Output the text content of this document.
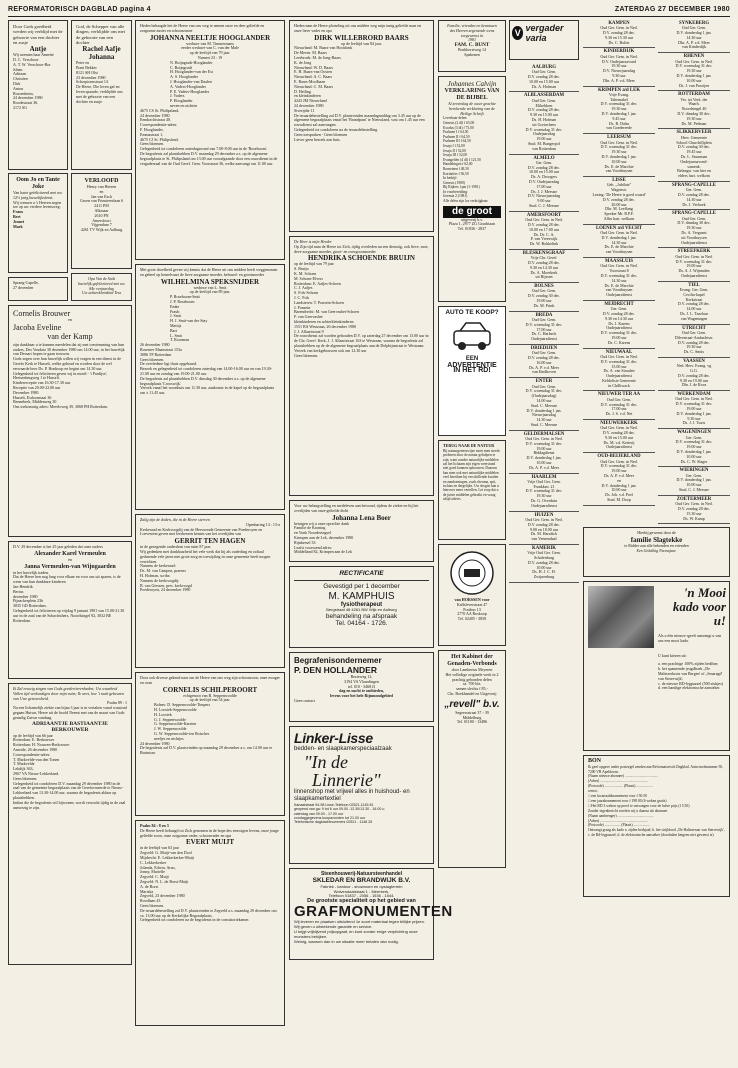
REFORMATORISCH DAGBLAD pagina 4	ZATERDAG 27 DECEMBER 1980
Door Gods goedheid werden wij verblijd met de geboorte van een dochter en zusje
Antje
Wij noemen haar Annette
D. C. Verschoor
A. T. W. Verschoor-Bor
Johan
Adriaan
Christien
Dirk
Anton
Rossenheim,
24 december 1980
Roodestraat 36,
2172 SG
God, de Schepper van alle dingen, verblijdde ons met de geboorte van een dochter
Rachel Aafje Johanna
Peter en
Piani Bekker
8121 SH Olst
23 december 1980
Schorpioenstraat 14
De Heere, Die leven gaf en leven spaarde, verblijdde ons met de geboorte van een dochter en zusje
Oom Jo en Tante Joke
Van harte gefeliciteerd met uw 12½ jarig huwelijksfeest.
Wij wensen u 's Heeren zegen toe op uw verdere levensweg.
Frans
Bert
Jeanet
Mark
Sprang-Capelle,
27 december
VERLOOFD
Henry van Heeren
en
Jan van Esch
Groen van Prinstererlaan 6
2411 PM
Alkmaar
2610 PN
Amersfoort
Vijgendam 7
4261 TV Wijk en Aalburg
Opa Van de Stalt
hartelijk gefeliciteerd met uw 84e verjaardag
Uw achterkleinkind Tess
Cornelis Brouwer
en
Jacoba Eveline
van der Kamp
zijn dankbaar u te kunnen meedelen dat zij met toestemming van hun ouders, Des Voudaia 30 december 1980 om 14.00 uur, in het huwelijk van Dessart hopen te gaan trouwen.
Gods zegen over hun huwelijk willen wij vragen in een dienst in de Gerefo Kerk te Hasselt, welke gehoud en worden door de wel eerwaarde heer Ds. P. Honkoop en begint om 14.30 uur.
Gelegenheid tot feliciteren geven wij in motel - 't Pardijse', Hertsenbergweg 1 te Hasselt.
Kinderreceptie van 16.30-17.30 uur
Receptie van 20.00-22.00 uur
December 1980.
Hasselt, Esdoornsaat 36
Bennebrek, Middenweg 30
Ons toekomstig adres: Meerloweg 39, 3068 PH Rotterdam.
D.V. 29 december is het 25 jaar geleden dat onze ouders
Alexander Karel Vermeulen
en
Janna Vermeulen-van Wijngaarden
in het huwelijk traden.
Dat de Heere hen nog lang voor elkaar en voor ons uit sparen, is de wens van hun dankbare kinderen
Jan-Hendrik
Bertus
december 1980
Pijnackerplein 23b
3035 GD Rotterdam.
Gelegenheid tot feliciteren op vrijdag 9 januari 1981 van 15.00-21.30 uur in de zaal van de Sobachsthers, Noordsingel 92, 3032 BE Rotterdam.
Ik Zal eeuwig zingen van Gods goedertierenheden; Uw waarheid Vallen tijd verkondigen door mijn ruim; Ik weet, hoe 't raak gebeuren van Uwe getrouwheid.
Psalm 89 : 1
Na een lichamelijk ziekte van bijna 3 jaar is in vertaken vanaf wantoud gegaan Huiwn, Heere uit de hoofd Neemt met ons de maart van Gods genadig Zuiwn vandaag
ADRIAANTJE BASTIAANTJE BERKOUWER
op de leeftijd van 66 jaar
Rotterdam: E. Berkouwer
Rotterdam: H. Nouwen-Berkouwer
Ameide, 26 december 1980
Correspondentie-adres:
T. Markvelde-van den Tonen
T. Markvelde
Lekdijk 363,
2967 VA Nieuw-Lekkerland.
Geen bloemen.
Gelegenheid tot condoleren D.V. maandag 29 december 1980 in de zaal van de gemeente begraafplaats van de Gereformeerde te Nieuw-Lekkerland van 13.30-14.00 uur, waarna de begrafenis aldaar op plaatshebben.
Indien die de begrafenis wil bijwonen, wordt verzocht tijdig in de zaal aanwezig te zijn.
Heden behaagde het de Heere van ons weg te nemen onze en deer geliefde en zorgzame zuster en schoonzuster
JOHANNA NEELTJE HOOGLANDER
weduwe van M. Timmermans
eerder weduwe van C. van der Male
op de leeftijd van 79 jaar.
Numeri 23 : 19
N. Boijngrudt-Hooglander
C. Boijngrudt
H. Hooglander-van der Est
A. S. Hooglander
J. Hooglander-van Daalen
A. Vaders-Hooglander
P. E. Vaders-Hooglander
J. Vaders
P. Hooglander
neven en nichten
4675 CS St. Philipsland,
24 december 1980
Eendrachtstraat 40.
Correspondentie-adres:
F. Hooglander,
Emmastraat 1,
4675 CJ St. Philipsland.
Geen bloemen.
Gelegenheid tot condoleren zaterdagavond van 7.00-8.00 uur in de 'Roseboom'.
De begrafenis zal plaatshebben D.V. maandag 29 december a.s. op de algemene begraafplaats te St. Philipsland om 13.00 uur voorafgaande door een rouwdienst in de vergaderzaal van de Oud Geref. Gem. Voorstraat 36, welke aanvangt om 11.00 uur.
Met grote droefheid geven wij kennis dat de Heere uit ons midden heeft weggenomen en geheel op hemelvaart de lieve zorgzame moeder, behuwd- en grootmoeder
WILHELMINA SPEKSNIJDER
weduwe van L. Smit
op de leeftijd van 89 jaar.
P. Roseboom-Smit
J. P. Roseboom
Emke
Fraub
J. Smit
H. J. Smit-van der Stay
Mattijs
Bart
L. Smit
T. Roorman
26 december 1980
Rosemer Maanstraat 153a
3086 TP Rotterdam
Geen bloemen.
De overledene ligt thuis opgebaard.
Bezoek en gelegenheid tot condoleren zaterdag van 14.00-16.00 uur en van 19.30-21.00 uur en zondag van 19.00-21.00 uur.
De begrafenis zal plaatshebben D.V. dinsdag 30 december a.s. op de algemene begraafplaats 'Crooswijk'.
Vertrek vanaf het woonhuis om 11.30 uur, aankomst in de kapel op de begraafplaats om ± 11.45 uur.
Zalig zijn de doden, die in de Heere sterven
Openbaring 14 : 13-a
Kerkeraad en Kerkvoogdij van de Hervormde Gemeente van Poederoyen en Loevestein geven met leedwezen kennis van het overlijden van
GERRIT TEN HAGEN
in de gezegende ouderdom van ruim 87 jaar.
Wij gedenken met dankbaarheid het vele werk dat hij als ouderling en ooliaal gedurende vele jaren met grote zorg en toewijding in onze gemeente heeft mogen verrichten.
Namens de kerkeraad:
Ds. M. van Campen, praeses
H. Hofman, scriba
Namens de kerkvoogdij:
B. van Giessen, pres. kerkvoogd
Poederoyen, 24 december 1980
Door ook diverse gekend naar om de Heere van ons weg zijn schoonzoon, onze zwager en oom
CORNELIS SCHILPEROORT
echtgenoot van B. Seppenwoolde
op de leeftijd van 54 jaar.
Bolnes: D. Seppenwoolde-Timpers
H. Loosiek-Seppenwoolde
H. Loosiek
G. J. Seppenwoolde
G. Seppenwoolde-Karsten
J. W. Seppenwoolde
G. W. Seppenwoolde-ten Boischer
neefjes en nichtjes
24 december 1980
De begrafenis zal D.V. plaatsvinden op maandag 29 december a.s. om 14.00 uur te Bruinisse.
Psalm 84 : 8 en 3
De Heere heeft behaagd tot Zich genomen in de hope des eeuwigen levens, onze jonge geliefde zoon, onze zorgzame vader, schoonvader en opa
EVERT MUIJT
in de leeftijd van 63 jaar
Zegveld: G. Muijt-van den Dool
Mijdrecht: E. Lekkerkerker-Muijt
C. Lekkerkerker
Jolanda, Edwin, Arno,
Jonny, Marielle
Zegveld: C. Muijt
Zegveld: N. L. de Borst-Muijt
A. de Borst
Mariska
Zegveld, 23 december 1980
Roodlaan 43
Geen bloemen.
De teraardebestelling zal D.V. plaatsvinden te Zegveld a.s. maandag 29 december om ca. 13.00 uur op de Kerkelijke Begraafplaats.
Gelegenheid tot condoleren na de begrafenis in de consistoriekamer.
Heden nam de Heere plotseling uit ons midden weg mijn innig geliefde man en onze lieve vader en opa
DIRK WILLEBRORD BAARS
op de leeftijd van 84 jaar.
Nieuwland: M. Baars-van Hooidonk
De Meern: M. Baars
Leerbroek: M. de Jong-Baars
K. de Jong
Nieuwland: W. D. Baars
E. H. Baars-van Oosten
Nieuwland: A. C. Baars
E. Baars-Moolhaan
Nieuwland: C. M. Baars
D. Heiling
en kleinkinderen
4243 JM Nieuwland
24 december 1980
Siverijdie 11
De teraardebestelling zal D.V. plaatsvinden maandagmiddag om 3.45 uur op de algemene begraafplaats vanaf het 'Brandpunt' te Nieuwland, vast om 1.45 uur een rouwdienst zal aanvangen.
Gelegenheid tot condoleren na de teraardebestelling.
Geen toespraken - Geen bloemen
Liever geen bezoek aan huis.
De Heer is mijn Herder
Op Zijn tijd nam de Heere tot Zich, tijdig overleden na een dienstig, ook lieve, moe, deve zorgzame moeder, groot- en overgrootmoeder
HENDRIKA SCHOENDE BRUIJN
op de leeftijd van 79 jaar
S. Bruijn
K. M. Schoen
M. Schoen-Elvers
Rotterdam: E. Aafjes-Schoen
C. J. Aafjes
S. Fols-Schoen
J. C. Fols
Landsteren: T. Ponsein-Schoen
J. Ponsein
Barendrecht: M. van Geervashet-Schoen
F. van Geervashet
kleinkinderen en achterkleinkinderen
1551 BA Westzaan, 26 december 1980
J. J. Allaartstraat 9
De rouwdienst zal worden gehouden D.V. op zaterdag 27 december om 13.00 uur in de Chr. Geref. Kerk, J. J. Allaartstraat 163 te Westzaan, waarna de begrafenis zal plaatshebben op de de algemene begraafplaats aan de Dolphijnstraat te Westzaan.
Vertrek van kerkgebouwen ook om 12.30 uur
Geen bloemen.
Voor uw belangstelling en medeleven aan betoond, tijdens de ziekte en bij het overlijden van onze geliefde dicht
Johanna Lena Boer
betuigen wij u onze oprechte dank
Familie de Kroning
en Vonk Noorderingsel
Krimpen aan de Lek, december 1980
Rijnkersel 33
Leafst voorsoend adres:
Middelland 82, Krimpen aan de Lek
RECTIFICATIE
Gevestigd per 1 december
M. KAMPHUIS
fysiotherapeut
Bergstraat 48 4261 BW Wijk en Aalburg
behandeling na afspraak
Tel. 04164 - 1726.
Begrafenisondernemer
P. DEN HOLLANDER
Bezieweg 12,
3194 VA Vlaardingen
tel. 010 - 346813
dag en nacht te ontbieden,
levens voor het hele Rijnmondgebied
Geen contact
Linker-Lisse
bedden- en slaapkamerspeciaalzaak
"In de
Linnerie"
linnenshop met vrijwel alles in huishoud- en slaapkamertextiel
Kanaalstraat 94-98 Lisse-Telefoon 02521-1145 81
geopend van ga: 9 tot 6 uur 09.00 -12.30/13.30 - 18.00 u
zaterdag van 09.00 - 17.00 uur
zondaggegevens koopavonden tot 21.00 uur
Telefonische dagklachtnummers 02521 - 1148 25
Steenhouwerij-Natuursteenhandel
SKLEDAR EN BRANDWIJK B.V.
Fabriek - kantoor - showroom en opslagterrein
Wolvendaalstraat 1 - Meerkerk.
Telefoon 01837 - 2056 - 1536 - 1544.
De grootste specialiteit op het gebied van
GRAFMONUMENTEN
Wij leveren en plaatsen uitsluitend 1e soort materiaal tegen billijke prijzen.
Wij geven u uitstekende garantie en service.
U krijgt vrijblijvend prijsopgaaf, en kunt zonder enige verplichting onze monsters bekijken.
Weinig, waarom dan in uw situatie meer betalen dan nodig.
Familie, vrienden en kennissen
des Heeren zegenende wens
toegewenst in
1981
FAM. C. BUNT
Boekborstweg 14
Spakenen
Johannes Calvijn
VERKLARING VAN DE BIJBEL
Al zevenslag de ouwe geachte berokende verklaring van de Heilige Schrift
Leverbaar delen:
Genesis (2 dl) f 65,00
Exodus (3 dl) f 75,00
Psalmen I f 64,50
Psalmen II f 64,50
Psalmen III f 64,50
Jesaja I f 52,00
Jesaja II f 52,00
Jesaja III f 52,00
Evangeliën (4 dl) f 121,50
Handelingen f 62,00
Romeinen f 48,50
Korintiërs f 56,50
In bedrijf:
Genesis (1980)
Bij Rijkers f pm (1-1981)
In voorbereiding:
Jeremia 2 (1981)
Alle delen zijn los verkrijgbaar
de groot
uitgeverij b.v.
Plaza 1, 2977 ZG Goudriaan
Tel. 01836 - 2837
AUTO TE KOOP?
EEN
ADVERTENTIE
IN HET RD!
TERUG NAAR DE NATUUR
Bij natuurgeneeswijze moet men steeds proberen door de natuur geholpen te zijn, want zonder natuurlijke middelen zal het lichaam zijn eigen weerstand niet goed kunnen opbouwen. Daarom kan men ook met natuurlijke middelen veel bereiken bij verschillende kwalen en aandoeningen, zoals rheuma, spit, ischias en dergelijke. Uw drogist kan u hierover meer vertellen. Let erop dat u de juiste middelen gebruikt en vraag altijd advies.
van HORSSEN voor
Kalfsleverstraat 47
Postbus 13
2770 AA Boskoop
Tel. 02405 - 3858
Het Kabinet der Genaden-Verbonds
door Lambertus Meyeren
Het volledige originele werk in 2 prachtig gebonden delen
ca. 700 blz.
samen slechts f 85,-
Chr. Boekhandel en Uitgeverij
„revell" b.v.
Segeersstraat 37 - 39
Middelburg
Tel. 01180 - 13486
V vergader varia
AALBURG
Oud Ger. Gem.
D.V. zondag 28 dec.
10.00 en 15.00 uur
Ds. A. Hofman
ALBLASSERDAM
Oud Ger. Gem.
Eltheldorn
D.V. zondag 28 dec.
9.30 en 15.00 uur
Ds. H. Hofman
uit Gorinchem
D.V. woensdag 31 dec.
Oudejaarsdag
19.00 uur
Stud. M. Bungerpof
van Rotterdam
ALMELO
Ger. Gem.
D.V. zondag 28 dec.
10.00 en 15.00 uur
Ds. A. Droogers
D.V. Oudejaarsdag
17.00 uur
Ds. J. J. Meeuse
D.V. Nieuwjaarsdag
9.00 uur
Stud. C. J. Meeuse
AMERSFOORT
Oud Ger. Gem. in Ned.
D.V. zondag 28 dec.
10.00 en 17.00 uur
Ds. Dr. C. A.
P. van Vreeswijk
Ds. W. Bokkelink
BLESKENSGRAAF
Vrije Chr. Geref.
D.V. zondag 28 dec.
9.30 en 14.30 uur
Ds. A. Moerkerk
uit Rijssen
BOLNES
Oud Ger. Gem.
D.V. zondag 30 dec.
19.00 uur
Ds. M. Prink
BREDA
Oud Ger. Gem.
D.V. woensdag 31 dec.
17.00 uur
Ds. C. Harbeck
Oudejaarsdienst
DRIEDIJEN
Oud Ger. Gem.
D.V. zondag 28 dec.
16.00 uur
Ds. A. P. v.d. Meer
van Eindhoven
ENTER
Oud Ger. Gem.
D.V. woensdag 31 dec.
(Oudejaarsdag)
14.00 uur
Stud. C. Meeuse
D.V. donderdag 1 jan.
Nieuwjaarsdag
14.30 uur
Stud. C. Meeuse
GELDERMALSEN
Oud Ger. Gem. in Ned.
D.V. woensdag 31 dec.
19.00 uur
Biddagdienst
D.V. donderdag 1 jan.
10.00 uur
Ds. A. P. v.d. Meer
HAARLEM
Vrije Oud Ger. Gem.
Frankkstr. 21
D.V. woensdag 31 dec.
19.30 uur
Ds. G. Overduin
Oudejaarsdienst
HUIZEN
Oud Ger. Gem. in Ned.
D.V. zondag 28 dec.
9.00 en 18.00 uur
Ds. M. Harsdick
van Veenendaal
KAMERIK
Vrije Oud Ger. Gem.
Schalenburg
D.V. zondag 28 dec.
10.00 uur
Ds. H. J. C. H.
Zwijnenburg
KAMPEN
Oud Ger. Gem. in Ned.
D.V. zondag 28 dec.
9.30 en 15.30 uur
Ds. C. Bolier
KINDERDIJK
Oud Ger. Gem. in Ned.
D.V. Oudejaarsavond
19.30 uur
D.V. Nieuwjaarsdag
9.30 uur
Dhr. A. P. v.d. Meer
KRIMPEN a/d LEK
Vrije Evang.
Tabernakel
D.V. woensdag 31 dec.
19.30 uur
D.V. donderdag 1 jan.
9.45 uur
Ds. B. Dalm
van Goedereede
LEERSUM
Oud Ger. Gem. in Ned.
D.V. woensdag 31 dec.
19.30 uur
D.V. donderdag 1 jan.
10.00 uur
Ds. E. de Marchie
van Voorthuysen
LISSE
Geb. „Jubilate"
Wagenstr.
Lezing: 'De Heere is goed waard'
D.V. zondag 28 dec.
20.00 uur
Dhr. M. Leeflang
Spreker Mr. R.P.F.
Alles hart. welkom
LOENEN a/d VECHT
Oud Ger. Gem. in Ned.
D.V. donderdag 1 jan.
14.30 uur
Ds. E. de Marchie
van Voorthuysen
MAASSLUIS
Oud Ger. Gem. in Ned.
Voorstraat 8
D.V. woensdag 31 dec.
14.30 uur
Ds. E. de Marchie
van Voorthuysen
Oudejaarsdienst
MIJDRECHT
Ger. Gem.
D.V. zondag 28 dec.
9.30 en 14.30 uur
Ds. J. Karens
Oudejaarsdienst
D.V. woensdag 31 dec.
19.00 uur
Ds. C. Karens
NIEUWAAL
Oud Ger. Gem. in Ned.
D.V. woensdag 31 dec.
15.00 uur
Ds. A. van Straalen
Oudejaarsdienst
Keldoliste Gemeente
in Chilliwack
NIEUWER TER AA
Oud Ger. Gem.
D.V. woensdag 31 dec.
17.00 uur
Ds. J. S. v.d. Net
NIEUWERKERK
Oud Ger. Gem. in Ned.
D.V. zondag 28 dec.
9.30 en 15.00 uur
Ds. M. v.d. Ketterij
Oudejaarsdienst
OUD-BEIJERLAND
Oud Ger. Gem. in Ned.
D.V. woensdag 31 dec.
19.00 uur
Ds. A. P. v.d. Meer
en
D.V. donderdag 1 jan.
10.00 uur
Ds. Joh. v.d. Poel
Stud. M. Doop
SYNKEBERG
Oud Ger. Gem.
D.V. donderdag 1 jan.
14.30 uur
Dhr. A. P. v.d. Meer
van Kinderdijk
RHENEN
Oud Ger. Gem. in Ned.
D.V. woensdag 31 dec.
19.30 uur
D.V. donderdag 1 jan.
10.00 uur
Ds. J. van Prooijen
ROTTERDAM
Ver. tot Verk. der
Waarh.
Noordsingel 40
D.V. dinsdag 30 dec.
19.30 uur
Ds. M. Pedman
SLIKKERVEER
Herv. Gemeente
School Churchillplein
D.V. zondag 30 dec.
19.45 uur
Ds. L. Stuurman
Oudejaarsavond-
samenk.
Belangst. van hier en
elders hart. welkom
SPRANG-CAPELLE
Ger. Gem.
D.V. zondag 28 dec.
14.30 uur
Ds. J. Verhoek
SPRANG-CAPELLE
Oud Ger. Gem.
D.V. dinsdag 30 dec.
19.30 uur
Ds. A. Vergunst
uit Voorthuysen
Oudejaarsdienst
STREEFKERK
Oud Ger. Gem. in Ned.
D.V. woensdag 31 dec.
19.00 uur
Ds. A. J. Wijnnalen
Oudejaarsdienst
TIEL
Evang. Ger. Gem.
Cecilia-kapel
Kerkstraat
D.V. zondag 28 dec.
14.00 uur
Ds. J. L. Tazelaar
van Wageningen
UTRECHT
Oud Ger. Gem.
Dilvestraat-Ambachtstr.
D.V. zondag 28 dec.
19.30 uur
Ds. C. Smits
VAASSEN
Ned. Herv. Evang. vg
G.G.
D.V. zondag 28 dec.
9.30 en 19.00 uur
Dhr. J. de Roos
WERKENDAM
Oud Ger. Gem. in Ned.
D.V. woensdag 31 dec.
19.00 uur
D.V. donderdag 1 jan.
9.30 uur
Ds. J. J. Tuxis
WAGENINGEN
Ger. Gem.
D.V. woensdag 31 dec.
19.00 uur
D.V. donderdag 1 jan.
10.00 uur
Ds. C. W. Slager
WIERINGEN
Ger. Gem.
D.V. donderdag 1 jan.
10.00 uur
Stud. C. J. Meeuse
ZOETERMEER
Oud Ger. Gem. in Ned.
D.V. zondag 28 dec.
15.30 uur
Ds. W. Kamp
Hierbij gewenst door de
familie Slagtekke
te Ridder aan alle bekenden en vrienden
Een Gelukkig Nieuwjaar.
'n Mooi kado voor u!
Als u één nieuwe rgeeft aanvangt u van ons een mooi kado.
U kunt kiezen uit:
a. een prachtige 100% zijden bedfine;
b. het spannende jeugdboek „De Maltezerkruis van Bergen' of „Smaragd' van Sterrewijk';
c. de nieuwe RD-legpuzzel (500 stukjes)
d. een handige elektronische aansteker.
BON
Ik geef opgave onder postzegel zenden aan Reformatorisch Dagblad. Antwoordnummer 50, 7200 VB Apeldoorn.
(Naam nieuwe abonnee) ....................................
(Adres) ....................................................
(Postcode) .................... (Plaats) ..................
wenst:
□ een kwartaalabonnement voor f 50.50
□ een jaarabonnement voor f 198.00 (6 weken gratis)
□ Het RD 3 weken op proef te ontvangen voor de halve prijs (f 5.50)
Zonder tegenbericht worden wij u daarna als abonnee.
(Naam aanbrenger) .......................................
(Adres) ....................................................
(Postcode) ................. (Plaats) ..................
Ontvangt graag als kado a. zijden bedsjaal; b. het strijkbord „De Haltezeraar van Sterrewijk', c. de Rd-legpuzzel; d. de elektronische aansteker (doorhalen hetgeen niet gewenst is).
